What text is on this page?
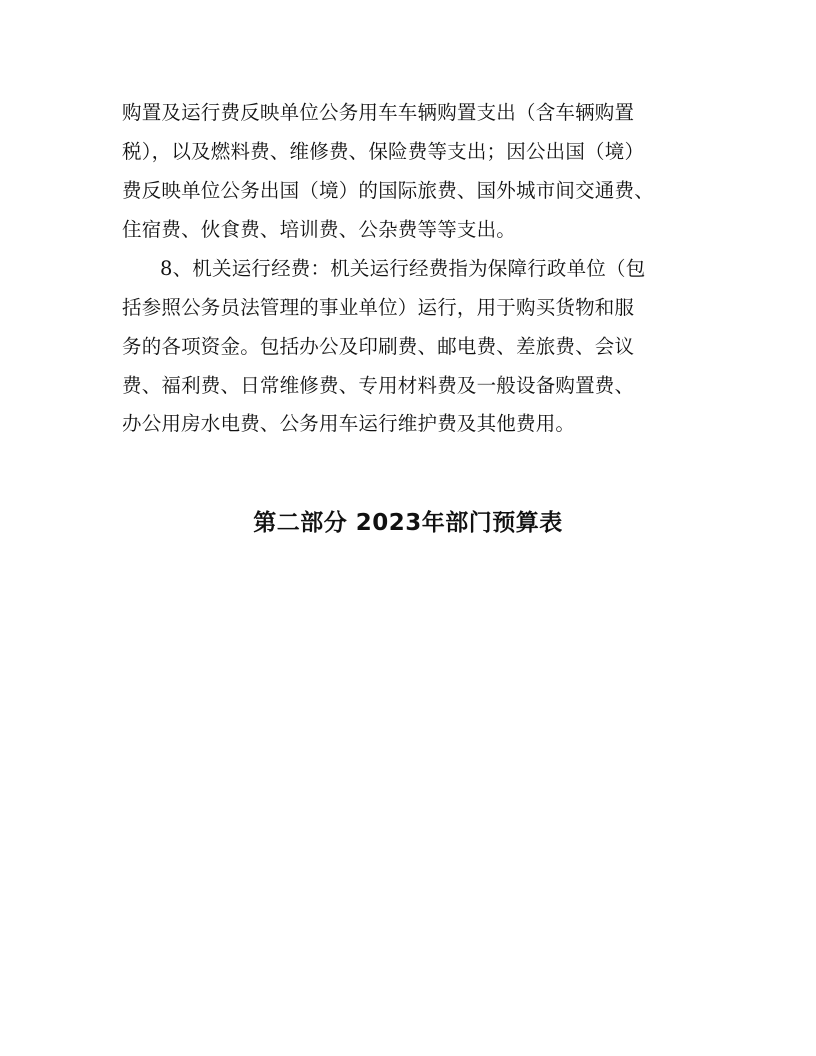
购置及运行费反映单位公务用车车辆购置支出（含车辆购置
税），以及燃料费、维修费、保险费等支出；因公出国（境）
费反映单位公务出国（境）的国际旅费、国外城市间交通费、
住宿费、伙食费、培训费、公杂费等等支出。
8、机关运行经费：机关运行经费指为保障行政单位（包
括参照公务员法管理的事业单位）运行，用于购买货物和服
务的各项资金。包括办公及印刷费、邮电费、差旅费、会议
费、福利费、日常维修费、专用材料费及一般设备购置费、
办公用房水电费、公务用车运行维护费及其他费用。
第二部分 2023年部门预算表
